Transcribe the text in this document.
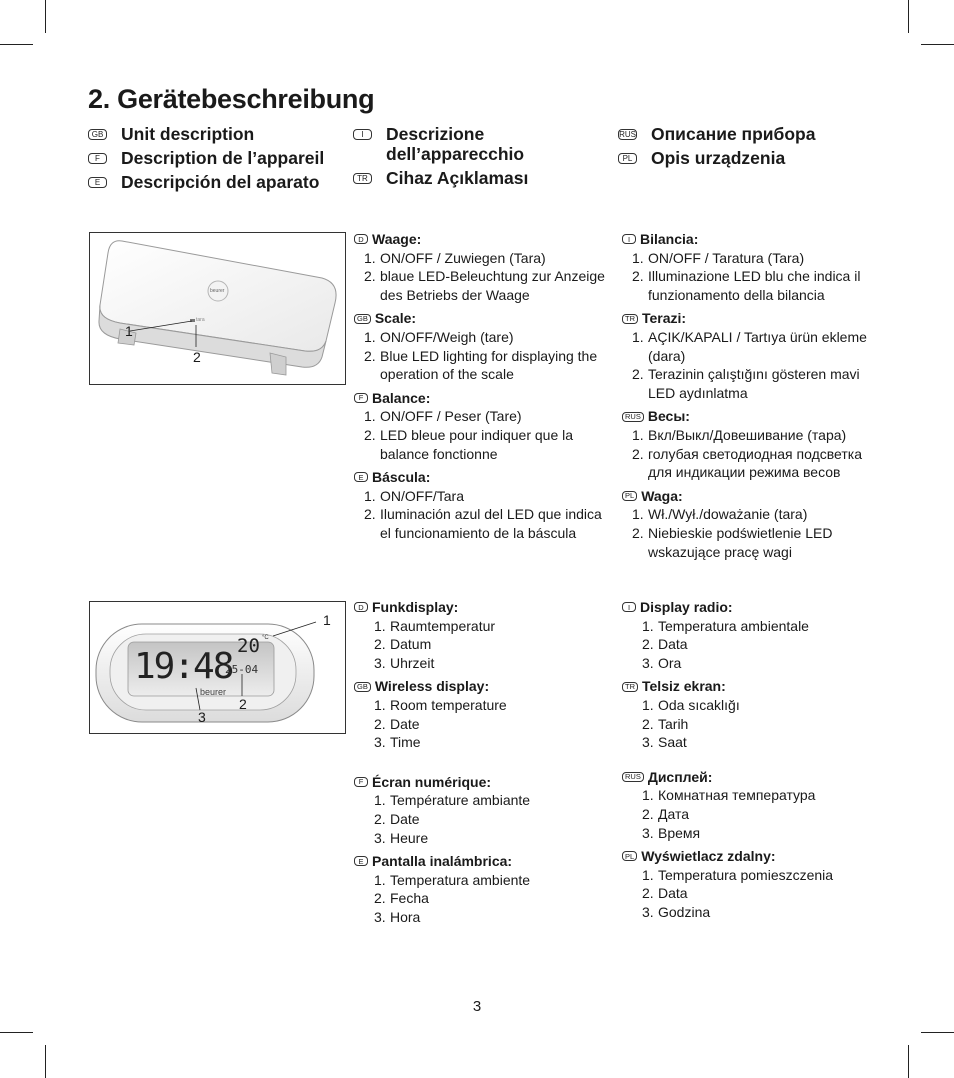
2. Gerätebeschreibung
GB Unit description
F	Description de l’appareil
E	Descripción del aparato
I	Descrizione
dell’apparecchio
TR Cihaz Açıklaması
RUS Описание прибора
PL Opis urządzenia
beurer
tara
1
2
19:48 20 °C
25-04
beurer
1
2
3
D Waage:
1. ON/OFF / Zuwiegen (Tara)
2. blaue LED-Beleuchtung zur Anzeige des Betriebs der Waage
GB Scale:
1. ON/OFF/Weigh (tare)
2. Blue LED lighting for displaying the operation of the scale
F Balance:
1. ON/OFF / Peser (Tare)
2. LED bleue pour indiquer que la balance fonctionne
E Báscula:
1. ON/OFF/Tara
2. Iluminación azul del LED que indica el funcionamiento de la báscula
I Bilancia:
1. ON/OFF / Taratura (Tara)
2. Illuminazione LED blu che indica il funzionamento della bilancia
TR Terazi:
1. AÇIK/KAPALI / Tartıya ürün ekleme (dara)
2. Terazinin çalıştığını gösteren mavi LED aydınlatma
RUS Весы:
1. Вкл/Выкл/Довешивание (тара)
2. голубая светодиодная подсветка для индикации режима весов
PL Waga:
1. Wł./Wył./doważanie (tara)
2. Niebieskie podświetlenie LED wskazujące pracę wagi
D Funkdisplay:
1. Raumtemperatur
2. Datum
3. Uhrzeit
GB Wireless display:
1. Room temperature
2. Date
3. Time
F Écran numérique:
1. Température ambiante
2. Date
3. Heure
E Pantalla inalámbrica:
1. Temperatura ambiente
2. Fecha
3. Hora
I Display radio:
1. Temperatura ambientale
2. Data
3. Ora
TR Telsiz ekran:
1. Oda sıcaklığı
2. Tarih
3. Saat
RUS Дисплей:
1. Комнатная температура
2. Дата
3. Время
PL Wyświetlacz zdalny:
1. Temperatura pomieszczenia
2. Data
3. Godzina
3
